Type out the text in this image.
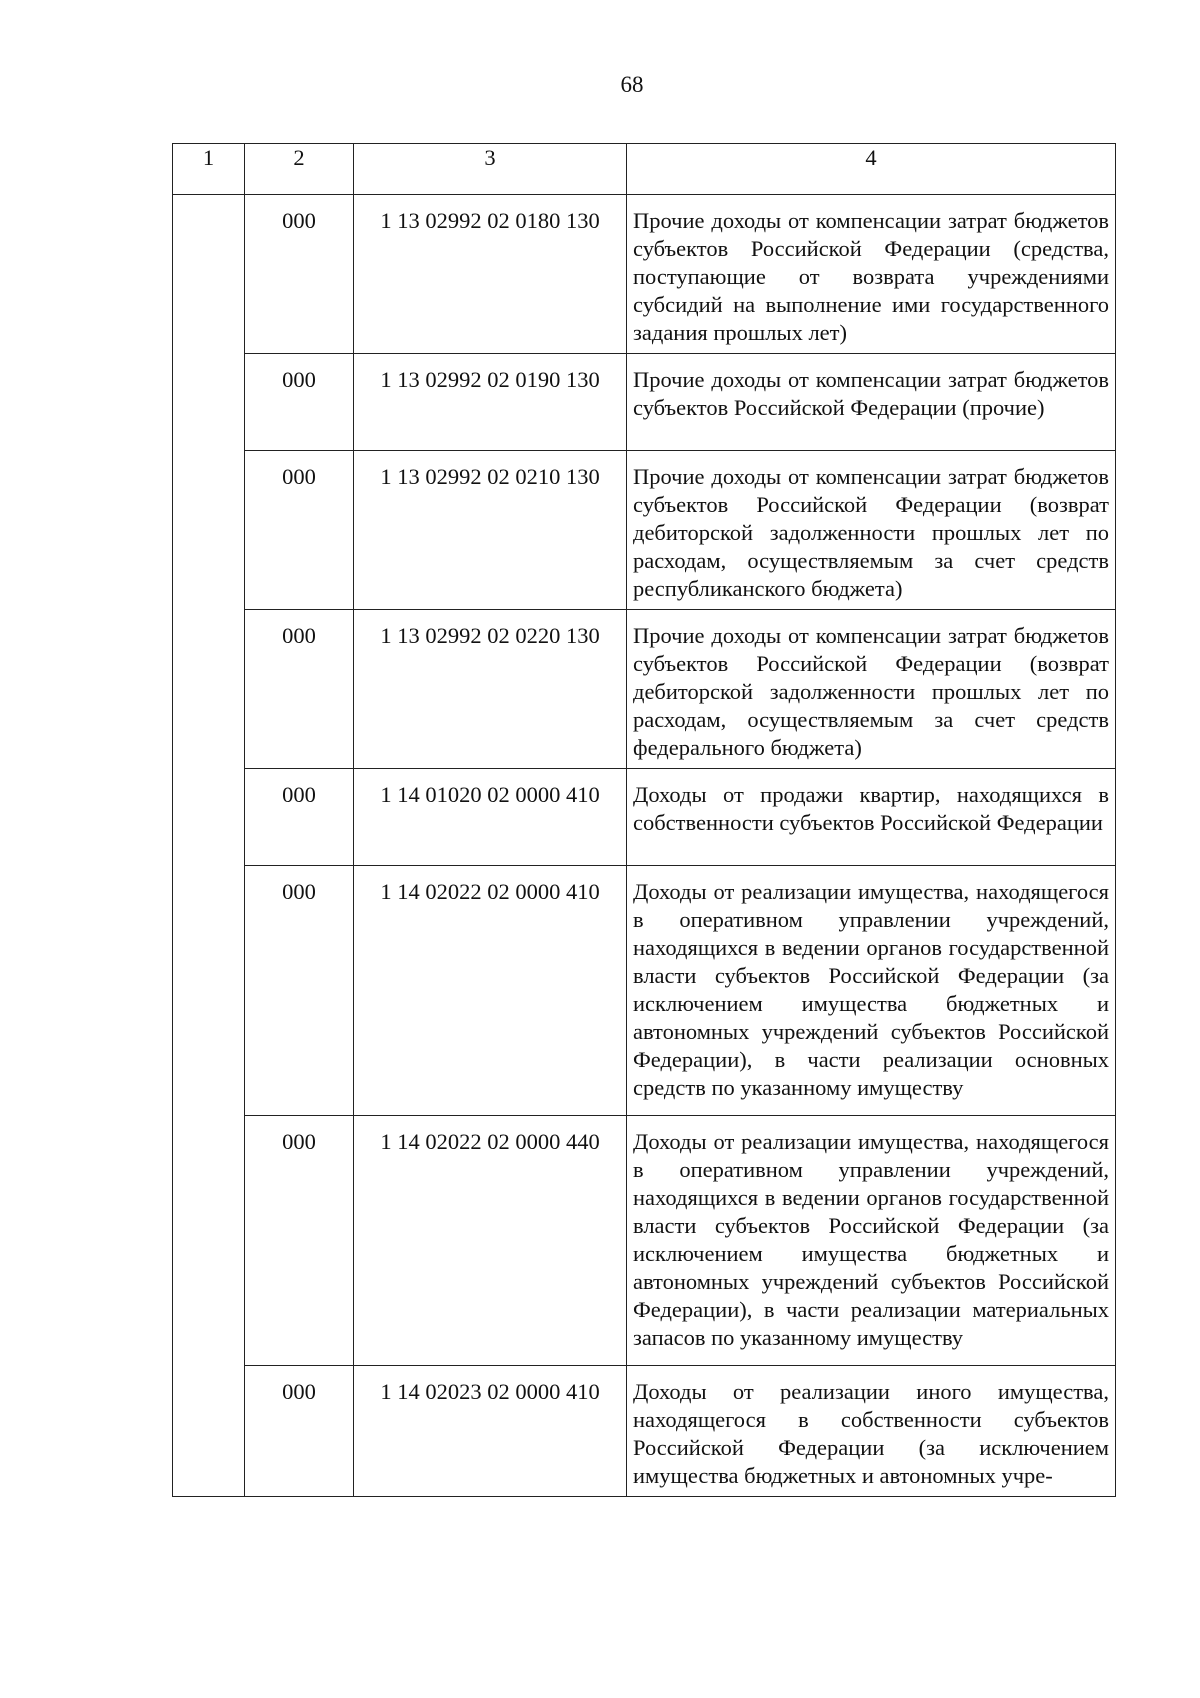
68
1	2	3	4
	000	1 13 02992 02 0180 130	Прочие доходы от компенсации затрат бюджетов субъектов Российской Федерации (средства, поступающие от возврата учреждениями субсидий на выполнение ими государственного задания прошлых лет)
	000	1 13 02992 02 0190 130	Прочие доходы от компенсации затрат бюджетов субъектов Российской Федерации (прочие)
	000	1 13 02992 02 0210 130	Прочие доходы от компенсации затрат бюджетов субъектов Российской Федерации (возврат дебиторской задолженности прошлых лет по расходам, осуществляемым за счет средств республиканского бюджета)
	000	1 13 02992 02 0220 130	Прочие доходы от компенсации затрат бюджетов субъектов Российской Федерации (возврат дебиторской задолженности прошлых лет по расходам, осуществляемым за счет средств федерального бюджета)
	000	1 14 01020 02 0000 410	Доходы от продажи квартир, находящихся в собственности субъектов Российской Федерации
	000	1 14 02022 02 0000 410	Доходы от реализации имущества, находящегося в оперативном управлении учреждений, находящихся в ведении органов государственной власти субъектов Российской Федерации (за исключением имущества бюджетных и автономных учреждений субъектов Российской Федерации), в части реализации основных средств по указанному имуществу
	000	1 14 02022 02 0000 440	Доходы от реализации имущества, находящегося в оперативном управлении учреждений, находящихся в ведении органов государственной власти субъектов Российской Федерации (за исключением имущества бюджетных и автономных учреждений субъектов Российской Федерации), в части реализации материальных запасов по указанному имуществу
	000	1 14 02023 02 0000 410	Доходы от реализации иного имущества, находящегося в собственности субъектов Российской Федерации (за исключением имущества бюджетных и автономных учре-
